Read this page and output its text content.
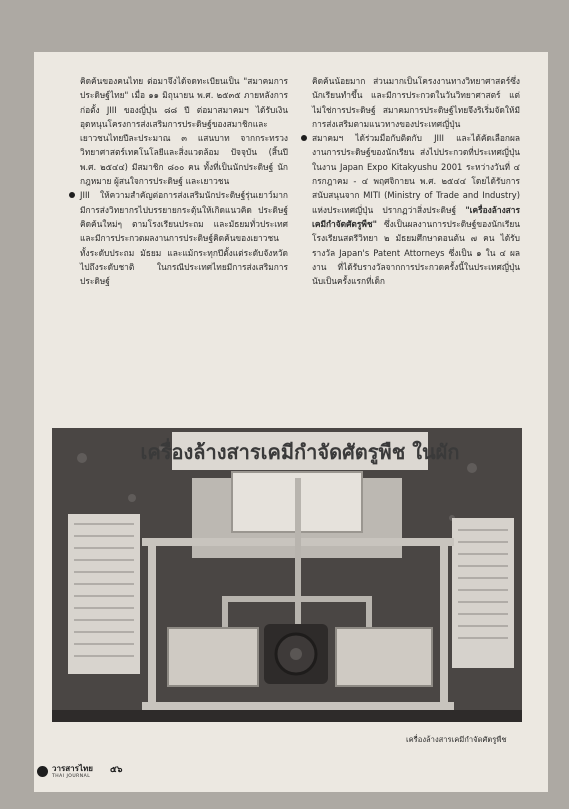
คิดค้นของคนไทย ต่อมาจึงได้จดทะเบียนเป็น "สมาคมการประดิษฐ์ไทย" เมื่อ ๑๑ มิถุนายน พ.ศ. ๒๕๓๕ ภายหลังการก่อตั้ง JIII ของญี่ปุ่น ๘๘ ปี ต่อมาสมาคมฯ ได้รับเงินอุดหนุนโครงการส่งเสริมการประดิษฐ์ของสมาชิกและเยาวชนไทยปีละประมาณ ๓ แสนบาท จากกระทรวงวิทยาศาสตร์เทคโนโลยีและสิ่งแวดล้อม ปัจจุบัน (สิ้นปี พ.ศ. ๒๕๔๔) มีสมาชิก ๘๐๐ คน ทั้งที่เป็นนักประดิษฐ์ นักกฎหมาย ผู้สนใจการประดิษฐ์ และเยาวชน

JIII ให้ความสำคัญต่อการส่งเสริมนักประดิษฐ์รุ่นเยาว์มาก มีการส่งวิทยากรไปบรรยายกระตุ้นให้เกิดแนวคิด ประดิษฐ์คิดค้นใหม่ๆ ตามโรงเรียนประถม และมัธยมทั่วประเทศ และมีการประกวดผลงานการประดิษฐ์คิดค้นของเยาวชนทั้งระดับประถม มัธยม และแม้กระทุกปีตั้งแต่ระดับจังหวัดไปถึงระดับชาติ ในกรณีประเทศไทยมีการส่งเสริมการประดิษฐ์

คิดค้นน้อยมาก ส่วนมากเป็นโครงงานทางวิทยาศาสตร์ซึ่งนักเรียนทำขึ้น และมีการประกวดในวันวิทยาศาสตร์ แต่ไม่ใช่การประดิษฐ์ สมาคมการประดิษฐ์ไทยจึงริเริ่มจัดให้มีการส่งเสริมตามแนวทางของประเทศญี่ปุ่น

สมาคมฯ ได้ร่วมมือกับติดกับ JIII และได้คัดเลือกผลงานการประดิษฐ์ของนักเรียน ส่งไปประกวดที่ประเทศญี่ปุ่นในงาน Japan Expo Kitakyushu 2001 ระหว่างวันที่ ๔ กรกฎาคม - ๔ พฤศจิกายน พ.ศ. ๒๕๔๔ โดยได้รับการสนับสนุนจาก MITI (Ministry of Trade and Industry) แห่งประเทศญี่ปุ่น ปรากฏว่าสิ่งประดิษฐ์ "เครื่องล้างสารเคมีกำจัดศัตรูพืช" ซึ่งเป็นผลงานการประดิษฐ์ของนักเรียนโรงเรียนสตรีวิทยา ๒ มัธยมศึกษาตอนต้น ๗ คน ได้รับรางวัล Japan's Patent Attorneys ซึ่งเป็น ๑ ใน ๔ ผลงาน ที่ได้รับรางวัลจากการประกวดครั้งนี้ในประเทศญี่ปุ่น นับเป็นครั้งแรกที่เด็ก

เครื่องล้างสารเคมีกำจัดศัตรูพืช ในผัก
เครื่องล้างสารเคมีกำจัดศัตรูพืช
วารสารไทย
THAI JOURNAL
๕๖
